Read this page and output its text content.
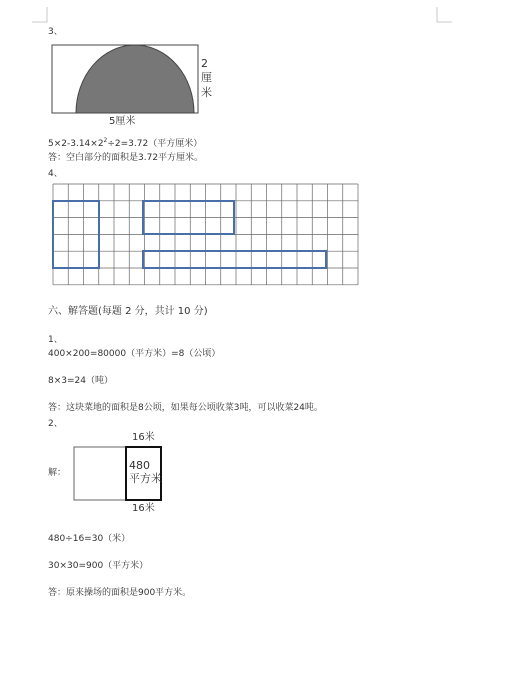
3、
2
厘
米
5厘米
$5\times 2-3.14\times 2^2\div 2=3.72$（平方厘米）
答：空白部分的面积是3.72平方厘米。
4、
六、解答题(每题 2 分，共计 10 分)
1、
400×200=80000（平方米）=8（公顷）
8×3=24（吨）
答：这块菜地的面积是8公顷，如果每公顷收菜3吨，可以收菜24吨。
2、
16米
解：
480
平方米
16米
480÷16=30（米）
30×30=900（平方米）
答：原来操场的面积是900平方米。
